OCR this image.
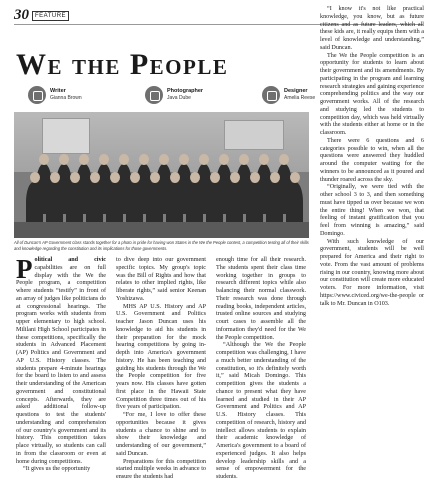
30	FEATURE
We the People
Writer
Gianna Brown
Photographer
Java Dube
Designer
Amelia Reese

All of Duncan's AP Government class stands together for a photo in pride for having won States in the We the People contest, a competition testing all of their skills and knowledge regarding the constitution and its implications for those governments.

Political and civic capabilities are on full display with the We the People program, a competition where students “testify” in front of an array of judges like politicians do at congressional hearings. The program works with students from upper elementary to high school. Mililani High School participates in these competitions, specifically the students in Advanced Placement (AP) Politics and Government and AP U.S. History classes. The students prepare 4-minute hearings for the board to listen to and assess their understanding of the American government and constitutional concepts. Afterwards, they are asked additional follow-up questions to test the students' understanding and comprehension of our country's government and its history. This competition takes place virtually, so students can call in from the classroom or even at home during competitions.

“It gives us the opportunity

to dive deep into our government specific topics. My group's topic was the Bill of Rights and how that relates to other implied rights, like liberate rights,” said senior Keenan Yoshizawa.

MHS AP U.S. History and AP U.S. Government and Politics teacher Jason Duncan uses his knowledge to aid his students in their preparation for the mock hearing competitions by going in-depth into America's government history. He has been teaching and guiding his students through the We the People competition for five years now. His classes have gotten first place in the Hawaii State Competition three times out of his five years of participation.

“For me, I love to offer these opportunities because it gives students a chance to shine and to show their knowledge and understanding of our government,” said Duncan.

Preparations for this competition started multiple weeks in advance to ensure the students had

enough time for all their research. The students spent their class time working together in groups to research different topics while also balancing their normal classwork. Their research was done through reading books, independent articles, trusted online sources and studying court cases to assemble all the information they'd need for the We the People competition.

“Although the We the People competition was challenging, I have a much better understanding of the constitution, so it's definitely worth it,” said Micah Domingo. This competition gives the students a chance to present what they have learned and studied in their AP Government and Politics and AP U.S. History classes. This competition of research, history and intellect allows students to explain their academic knowledge of America's government to a board of experienced judges. It also helps develop leadership skills and a sense of empowerment for the students.

“I know it's not like practical knowledge, you know, but as future citizens and as future leaders, which all these kids are, it really equips them with a level of knowledge and understanding,” said Duncan.

The We the People competition is an opportunity for students to learn about their government and its amendments. By participating in the program and learning research strategies and gaining experience comprehending politics and the way our government works. All of the research and studying led the students to competition day, which was held virtually with the students either at home or in the classroom.

There were 6 questions and 6 categories possible to win, when all the questions were answered they huddled around the computer waiting for the winners to be announced as it poured and thunder roared across the sky.

“Originally, we were tied with the other school 3 to 3, and then something must have tipped us over because we won the entire thing! When we won, that feeling of instant gratification that you feel from winning is amazing,” said Domingo.

With such knowledge of our government, students will be well prepared for America and their right to vote. From the vast amount of problems rising in our country, knowing more about our constitution will create more educated voters. For more information, visit https://www.civiced.org/we-the-people or talk to Mr. Duncan in O103.
